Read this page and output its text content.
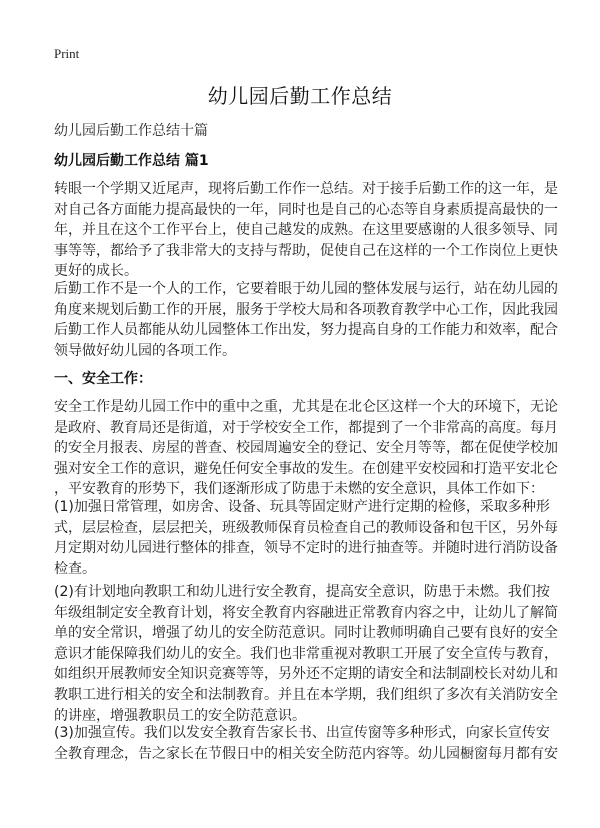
Print
幼儿园后勤工作总结
幼儿园后勤工作总结十篇
幼儿园后勤工作总结 篇1
转眼一个学期又近尾声，现将后勤工作作一总结。对于接手后勤工作的这一年，是
对自己各方面能力提高最快的一年，同时也是自己的心态等自身素质提高最快的一
年，并且在这个工作平台上，使自己越发的成熟。在这里要感谢的人很多领导、同
事等等，都给予了我非常大的支持与帮助，促使自己在这样的一个工作岗位上更快
更好的成长。
后勤工作不是一个人的工作，它要着眼于幼儿园的整体发展与运行，站在幼儿园的
角度来规划后勤工作的开展，服务于学校大局和各项教育教学中心工作，因此我园
后勤工作人员都能从幼儿园整体工作出发，努力提高自身的工作能力和效率，配合
领导做好幼儿园的各项工作。
一、安全工作：
安全工作是幼儿园工作中的重中之重，尤其是在北仑区这样一个大的环境下，无论
是政府、教育局还是街道，对于学校安全工作，都提到了一个非常高的高度。每月
的安全月报表、房屋的普查、校园周遍安全的登记、安全月等等，都在促使学校加
强对安全工作的意识，避免任何安全事故的发生。在创建平安校园和打造平安北仑
，平安教育的形势下，我们逐渐形成了防患于未燃的安全意识，具体工作如下：
(1)加强日常管理，如房舍、设备、玩具等固定财产进行定期的检修，采取多种形
式，层层检查，层层把关，班级教师保育员检查自己的教师设备和包干区，另外每
月定期对幼儿园进行整体的排查，领导不定时的进行抽查等。并随时进行消防设备
检查。
(2)有计划地向教职工和幼儿进行安全教育，提高安全意识，防患于未燃。我们按
年级组制定安全教育计划，将安全教育内容融进正常教育内容之中，让幼儿了解简
单的安全常识，增强了幼儿的安全防范意识。同时让教师明确自己要有良好的安全
意识才能保障我们幼儿的安全。我们也非常重视对教职工开展了安全宣传与教育，
如组织开展教师安全知识竞赛等等，另外还不定期的请安全和法制副校长对幼儿和
教职工进行相关的安全和法制教育。并且在本学期，我们组织了多次有关消防安全
的讲座，增强教职员工的安全防范意识。
(3)加强宣传。我们以发安全教育告家长书、出宣传窗等多种形式，向家长宣传安
全教育理念，告之家长在节假日中的相关安全防范内容等。幼儿园橱窗每月都有安
